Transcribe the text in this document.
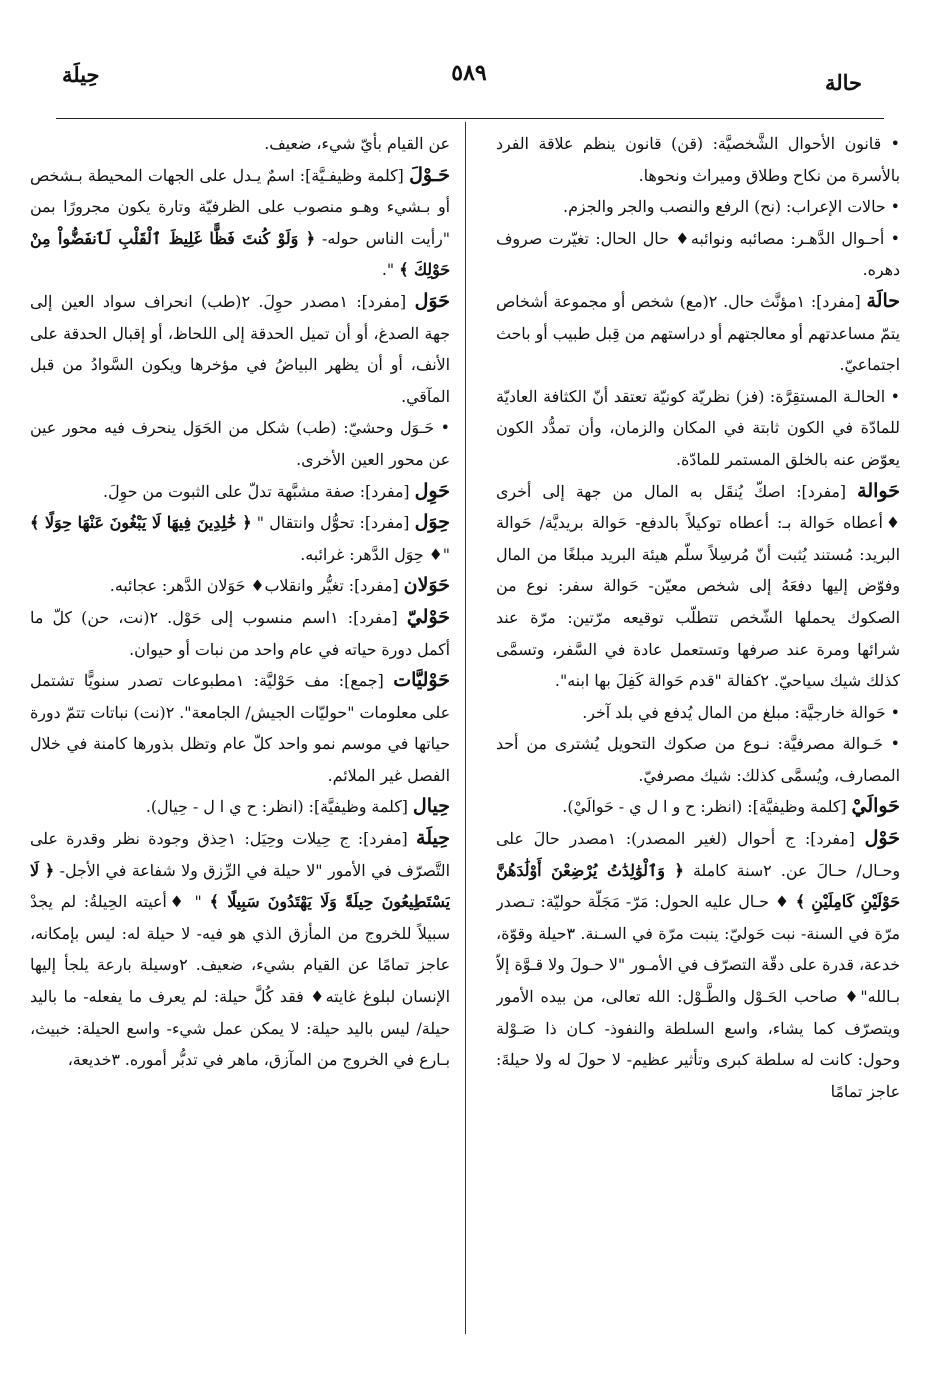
حالة
٥٨٩
حِيلَة

• قانون الأحوال الشَّخصيَّة: (قن) قانون ينظم علاقة الفرد بالأسرة من نكاح وطلاق وميراث ونحوها.

• حالات الإعراب: (نح) الرفع والنصب والجر والجزم.

• أحـوال الدَّهـر: مصائبه ونوائبه♦ حال الحال: تغيّرت صروف دهره.

حالَة [مفرد]: ١مؤنَّث حال. ٢(مع) شخص أو مجموعة أشخاص يتمّ مساعدتهم أو معالجتهم أو دراستهم من قِبل طبيب أو باحث اجتماعيّ.

• الحالـة المستقِرَّة: (فز) نظريّة كونيّة تعتقد أنّ الكثافة العاديّة للمادّة في الكون ثابتة في المكان والزمان، وأن تمدُّد الكون يعوّض عنه بالخلق المستمر للمادّة.

حَوالة [مفرد]: اصكّ يُنقَل به المال من جهة إلى أخرى ♦أعطاه حَوالة بـ: أعطاه توكيلاً بالدفع- حَوالة بريديَّة/ حَوالة البريد: مُستند يُثبت أنّ مُرسِلاً سلّم هيئة البريد مبلغًا من المال وفوّض إليها دفعَهُ إلى شخص معيّن- حَوالة سفر: نوع من الصكوك يحملها الشّخص تتطلّب توقيعه مرّتين: مرّة عند شرائها ومرة عند صرفها وتستعمل عادة في السَّفر، وتسمَّى كذلك شيك سياحيّ. ٢كفالة "قدم حَوالة كَفِلَ بها ابنه".

• حَوالة خارجيَّة: مبلغ من المال يُدفع في بلد آخر.

• حَـوالة مصرفيَّة: نـوع من صكوك التحويل يُشترى من أحد المصارف، ويُسمَّى كذلك: شيك مصرفيّ.

حَوالَيْ [كلمة وظيفيَّة]: (انظر: ح و ا ل ي - حَوالَيْ).

حَوْل [مفرد]: ج أحوال (لغير المصدر): ١مصدر حالَ على وحـال/ حـالَ عن. ٢سنة كاملة ﴿ وَٱلْوَٰلِدَٰتُ يُرْضِعْنَ أَوْلَٰدَهُنَّ حَوْلَيْنِ كَامِلَيْنِ ﴾ ♦ حـال عليه الحول: مَرّ- مَجَلّة حوليّة: تـصدر مرّة في السنة- نبت حَوليّ: ينبت مرّة في السـنة. ٣حيلة وقوّة، خدعة، قدرة على دقّة التصرّف في الأمـور "لا حـولَ ولا قـوَّة إلاّ بـالله"♦ صاحب الحَـوْل والطَّـوْل: الله تعالى، من بيده الأمور ويتصرّف كما يشاء، واسع السلطة والنفوذ- كـان ذا صَـوْلة وحول: كانت له سلطة كبرى وتأثير عظيم- لا حولَ له ولا حيلةَ: عاجز تمامًا

عن القيام بأيّ شيء، ضعيف.

حَـوْلَ [كلمة وظيفـيَّة]: اسمٌ يـدل على الجهات المحيطة بـشخص أو بـشيء وهـو منصوب على الظرفيّة وتارة يكون مجرورًا بمن "رأيت الناس حوله- ﴿ وَلَوْ كُنتَ فَظًّا غَلِيظَ ٱلْقَلْبِ لَٱنفَضُّواْ مِنْ حَوْلِكَ ﴾ ".

حَوَل [مفرد]: ١مصدر حوِلَ. ٢(طب) انحراف سواد العين إلى جهة الصدغ، أو أن تميل الحدقة إلى اللحاظ، أو إقبال الحدقة على الأنف، أو أن يظهر البياضُ في مؤخرها ويكون السَّوادُ من قبل المآقي.

• حَـوَل وحشيّ: (طب) شكل من الحَوَل ينحرف فيه محور عين عن محور العين الأخرى.

حَوِل [مفرد]: صفة مشبَّهة تدلّ على الثبوت من حوِلَ.

حِوَل [مفرد]: تحوُّل وانتقال " ﴿ خَٰلِدِينَ فِيهَا لَا يَبْغُونَ عَنْهَا حِوَلًا ﴾ "♦ حِوَل الدَّهر: غرائبه.

حَوَلان [مفرد]: تغيُّر وانقلاب♦ حَوَلان الدَّهر: عجائبه.

حَوْليّ [مفرد]: ١اسم منسوب إلى حَوْل. ٢(نت، حن) كلّ ما أكمل دورة حياته في عام واحد من نبات أو حيوان.

حَوْليَّات [جمع]: مف حَوْليَّة: ١مطبوعات تصدر سنويًّا تشتمل على معلومات "حوليّات الجيش/ الجامعة". ٢(نت) نباتات تتمّ دورة حياتها في موسم نمو واحد كلّ عام وتظل بذورها كامنة في خلال الفصل غير الملائم.

حِيال [كلمة وظيفيَّة]: (انظر: ح ي ا ل - حِيال).

حِيلَة [مفرد]: ج حِيلات وحِيَل: ١حِذق وجودة نظر وقدرة على التَّصرّف في الأمور "لا حيلة في الرِّزق ولا شفاعة في الأجل- ﴿ لَا يَسْتَطِيعُونَ حِيلَةً وَلَا يَهْتَدُونَ سَبِيلًا ﴾ " ♦أعيته الحِيلةُ: لم يجدْ سبيلاً للخروج من المأزق الذي هو فيه- لا حيلة له: ليس بإمكانه، عاجز تمامًا عن القيام بشيء، ضعيف. ٢وسيلة بارعة يلجأ إليها الإنسان لبلوغ غايته♦ فقد كُلَّ حيلة: لم يعرف ما يفعله- ما باليد حيلة/ ليس باليد حيلة: لا يمكن عمل شيء- واسع الحيلة: خبيث، بـارع في الخروج من المآزق، ماهر في تدبُّر أموره. ٣خديعة،
